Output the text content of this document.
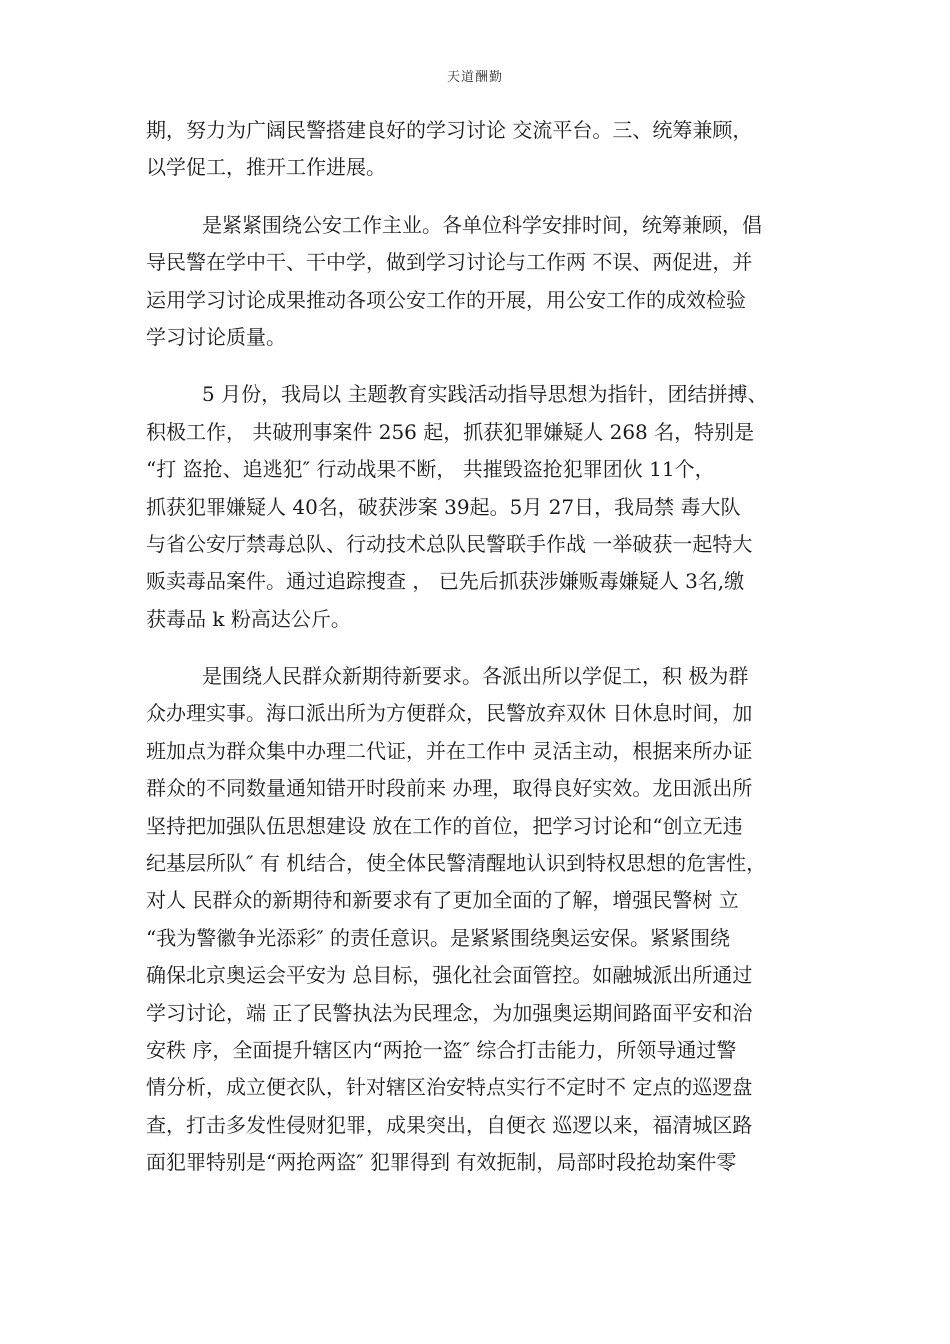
天道酬勤
期，努力为广阔民警搭建良好的学习讨论 交流平台。三、统筹兼顾，
以学促工，推开工作进展。
是紧紧围绕公安工作主业。各单位科学安排时间，统筹兼顾，倡
导民警在学中干、干中学，做到学习讨论与工作两 不误、两促进，并
运用学习讨论成果推动各项公安工作的开展，用公安工作的成效检验
学习讨论质量。
5 月份，我局以 主题教育实践活动指导思想为指针，团结拼搏、
积极工作， 共破刑事案件 256 起，抓获犯罪嫌疑人 268 名，特别是
“打 盗抢、追逃犯″ 行动战果不断， 共摧毁盗抢犯罪团伙 11个，
抓获犯罪嫌疑人 40名，破获涉案 39起。5月 27日，我局禁 毒大队
与省公安厅禁毒总队、行动技术总队民警联手作战 一举破获一起特大
贩卖毒品案件。通过追踪搜查 ， 已先后抓获涉嫌贩毒嫌疑人 3名,缴
获毒品 k 粉高达公斤。
是围绕人民群众新期待新要求。各派出所以学促工，积 极为群
众办理实事。海口派出所为方便群众，民警放弃双休 日休息时间，加
班加点为群众集中办理二代证，并在工作中 灵活主动，根据来所办证
群众的不同数量通知错开时段前来 办理，取得良好实效。龙田派出所
坚持把加强队伍思想建设 放在工作的首位，把学习讨论和“创立无违
纪基层所队″ 有 机结合，使全体民警清醒地认识到特权思想的危害性，
对人 民群众的新期待和新要求有了更加全面的了解，增强民警树 立
“我为警徽争光添彩″ 的责任意识。是紧紧围绕奥运安保。紧紧围绕
确保北京奥运会平安为 总目标，强化社会面管控。如融城派出所通过
学习讨论，端 正了民警执法为民理念，为加强奥运期间路面平安和治
安秩 序，全面提升辖区内“两抢一盗″ 综合打击能力，所领导通过警
情分析，成立便衣队，针对辖区治安特点实行不定时不 定点的巡逻盘
查，打击多发性侵财犯罪，成果突出，自便衣 巡逻以来，福清城区路
面犯罪特别是“两抢两盗″ 犯罪得到 有效扼制，局部时段抢劫案件零
